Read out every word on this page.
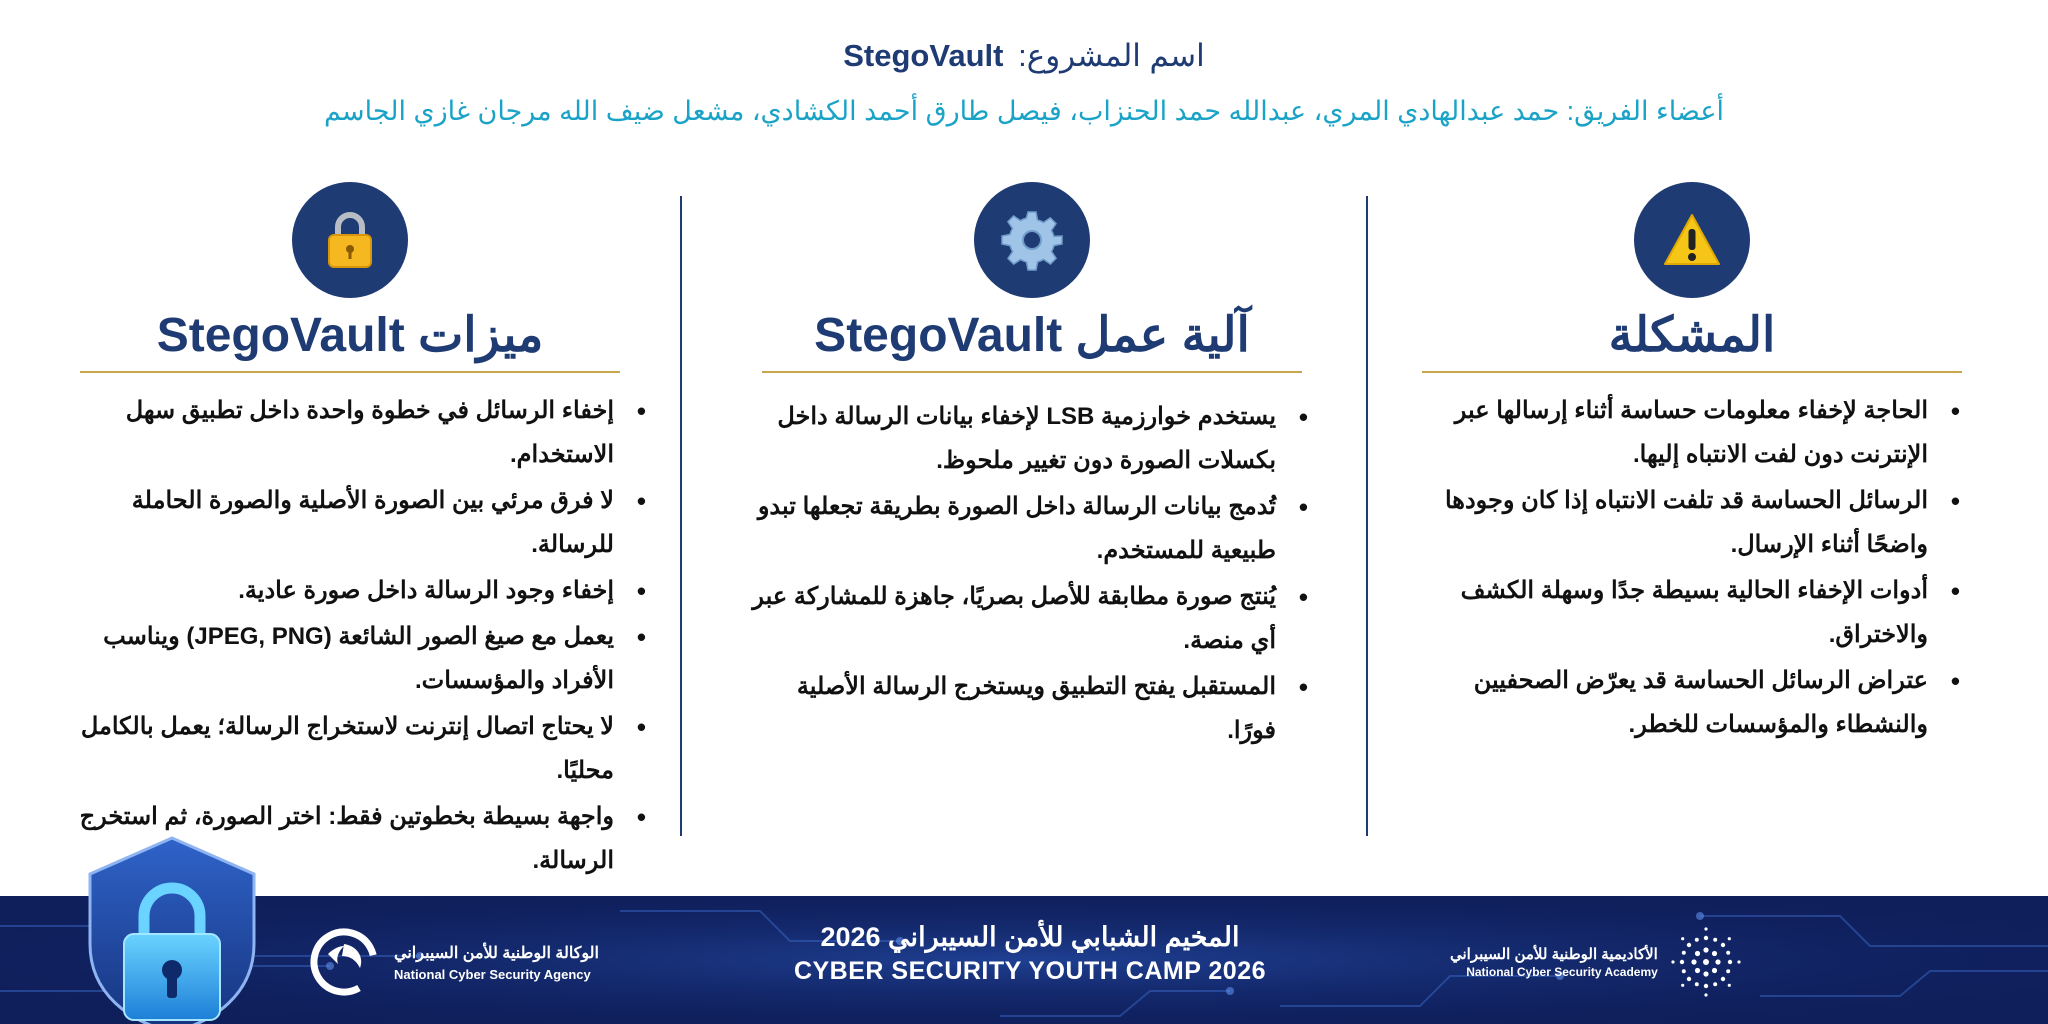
اسم المشروع: StegoVault
أعضاء الفريق: حمد عبدالهادي المري، عبدالله حمد الحنزاب، فيصل طارق أحمد الكشادي، مشعل ضيف الله مرجان غازي الجاسم
المشكلة
•
الحاجة لإخفاء معلومات حساسة أثناء إرسالها عبر الإنترنت دون لفت الانتباه إليها.
•
الرسائل الحساسة قد تلفت الانتباه إذا كان وجودها واضحًا أثناء الإرسال.
•
أدوات الإخفاء الحالية بسيطة جدًا وسهلة الكشف والاختراق.
•
عتراض الرسائل الحساسة قد يعرّض الصحفيين والنشطاء والمؤسسات للخطر.
آلية عمل StegoVault
•
يستخدم خوارزمية LSB لإخفاء بيانات الرسالة داخل بكسلات الصورة دون تغيير ملحوظ.
•
تُدمج بيانات الرسالة داخل الصورة بطريقة تجعلها تبدو طبيعية للمستخدم.
•
يُنتج صورة مطابقة للأصل بصريًا، جاهزة للمشاركة عبر أي منصة.
•
المستقبل يفتح التطبيق ويستخرج الرسالة الأصلية فورًا.
ميزات StegoVault
•
إخفاء الرسائل في خطوة واحدة داخل تطبيق سهل الاستخدام.
•
لا فرق مرئي بين الصورة الأصلية والصورة الحاملة للرسالة.
•
إخفاء وجود الرسالة داخل صورة عادية.
•
يعمل مع صيغ الصور الشائعة (JPEG, PNG) ويناسب الأفراد والمؤسسات.
•
لا يحتاج اتصال إنترنت لاستخراج الرسالة؛ يعمل بالكامل محليًا.
•
واجهة بسيطة بخطوتين فقط: اختر الصورة، ثم استخرج الرسالة.
الأكاديمية الوطنية للأمن السيبراني
National Cyber Security Academy
المخيم الشبابي للأمن السيبراني 2026
CYBER SECURITY YOUTH CAMP 2026
الوكالة الوطنية للأمن السيبراني
National Cyber Security Agency
